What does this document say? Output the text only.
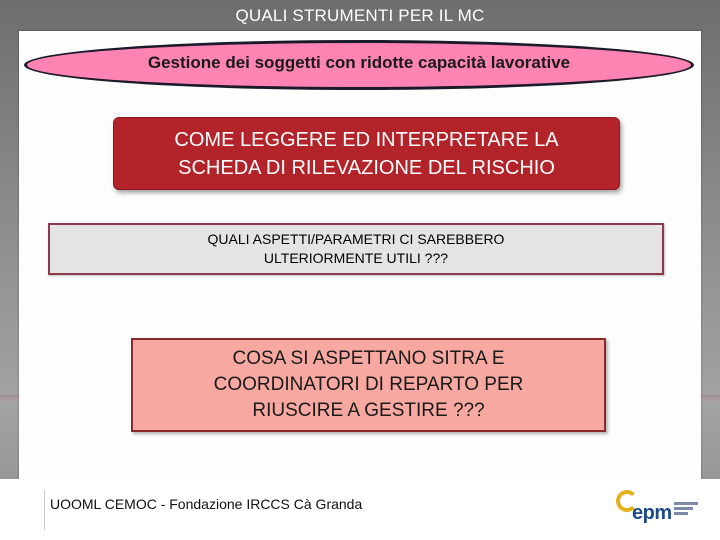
QUALI STRUMENTI PER IL MC
Gestione dei soggetti con ridotte capacità lavorative
COME LEGGERE ED INTERPRETARE LA
SCHEDA DI RILEVAZIONE DEL RISCHIO
QUALI ASPETTI/PARAMETRI CI SAREBBERO
ULTERIORMENTE UTILI ???
COSA SI ASPETTANO SITRA E
COORDINATORI DI REPARTO PER
RIUSCIRE A GESTIRE ???
UOOML CEMOC - Fondazione IRCCS Cà Granda	epm
